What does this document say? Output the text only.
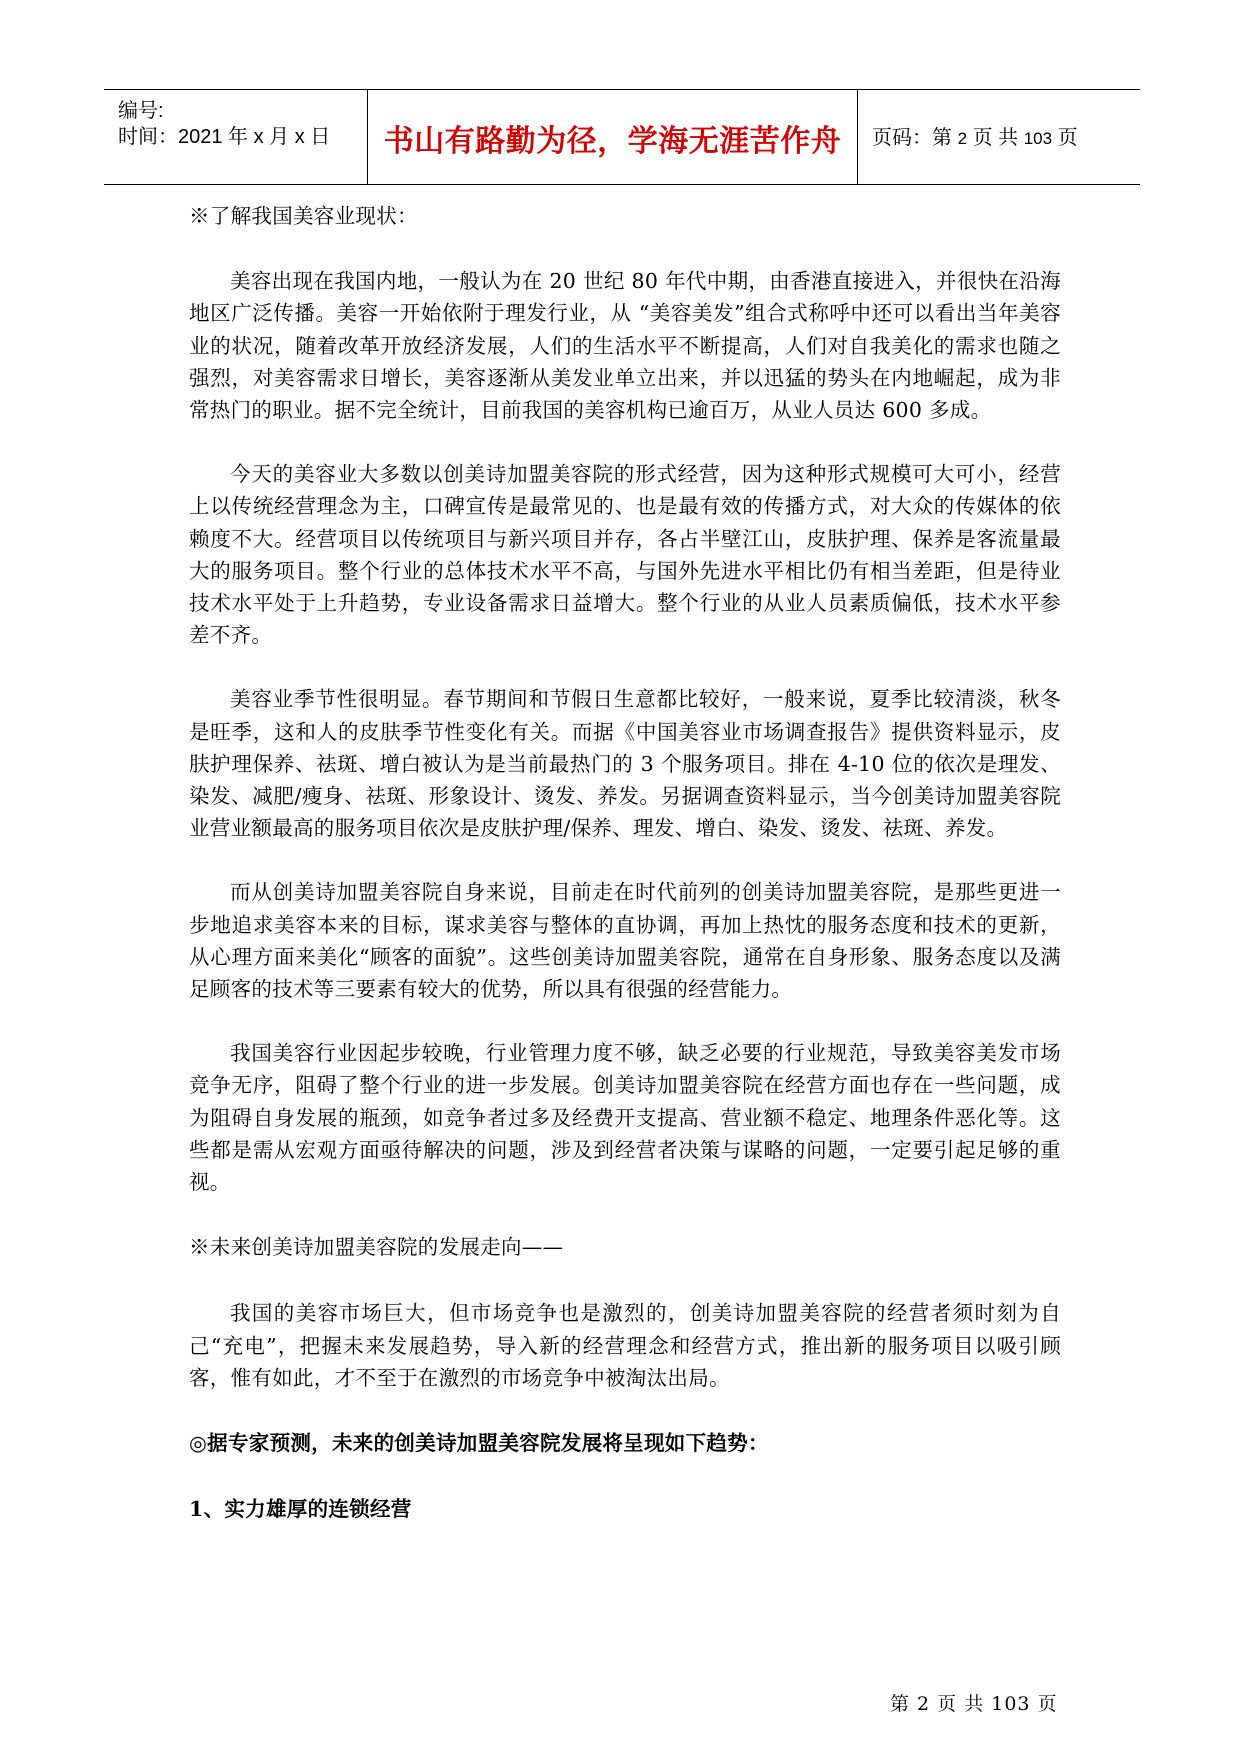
编号:
时间：2021 年 x 月 x 日	书山有路勤为径，学海无涯苦作舟	页码：第 2 页 共 103 页

※了解我国美容业现状：

美容出现在我国内地，一般认为在 20 世纪 80 年代中期，由香港直接进入，并很快在沿海地区广泛传播。美容一开始依附于理发行业，从 “美容美发”组合式称呼中还可以看出当年美容业的状况，随着改革开放经济发展，人们的生活水平不断提高，人们对自我美化的需求也随之强烈，对美容需求日增长，美容逐渐从美发业单立出来，并以迅猛的势头在内地崛起，成为非常热门的职业。据不完全统计，目前我国的美容机构已逾百万，从业人员达 600 多成。

今天的美容业大多数以创美诗加盟美容院的形式经营，因为这种形式规模可大可小，经营上以传统经营理念为主，口碑宣传是最常见的、也是最有效的传播方式，对大众的传媒体的依赖度不大。经营项目以传统项目与新兴项目并存，各占半壁江山，皮肤护理、保养是客流量最大的服务项目。整个行业的总体技术水平不高，与国外先进水平相比仍有相当差距，但是待业技术水平处于上升趋势，专业设备需求日益增大。整个行业的从业人员素质偏低，技术水平参差不齐。

美容业季节性很明显。春节期间和节假日生意都比较好，一般来说，夏季比较清淡，秋冬是旺季，这和人的皮肤季节性变化有关。而据《中国美容业市场调查报告》提供资料显示，皮肤护理保养、祛斑、增白被认为是当前最热门的 3 个服务项目。排在 4-10 位的依次是理发、染发、减肥/瘦身、祛斑、形象设计、烫发、养发。另据调查资料显示，当今创美诗加盟美容院业营业额最高的服务项目依次是皮肤护理/保养、理发、增白、染发、烫发、祛斑、养发。

而从创美诗加盟美容院自身来说，目前走在时代前列的创美诗加盟美容院，是那些更进一步地追求美容本来的目标，谋求美容与整体的直协调，再加上热忱的服务态度和技术的更新，从心理方面来美化“顾客的面貌”。这些创美诗加盟美容院，通常在自身形象、服务态度以及满足顾客的技术等三要素有较大的优势，所以具有很强的经营能力。

我国美容行业因起步较晚，行业管理力度不够，缺乏必要的行业规范，导致美容美发市场竞争无序，阻碍了整个行业的进一步发展。创美诗加盟美容院在经营方面也存在一些问题，成为阻碍自身发展的瓶颈，如竞争者过多及经费开支提高、营业额不稳定、地理条件恶化等。这些都是需从宏观方面亟待解决的问题，涉及到经营者决策与谋略的问题，一定要引起足够的重视。

※未来创美诗加盟美容院的发展走向——

我国的美容市场巨大，但市场竞争也是激烈的，创美诗加盟美容院的经营者须时刻为自己“充电”，把握未来发展趋势，导入新的经营理念和经营方式，推出新的服务项目以吸引顾客，惟有如此，才不至于在激烈的市场竞争中被淘汰出局。

◎据专家预测，未来的创美诗加盟美容院发展将呈现如下趋势：

1、实力雄厚的连锁经营

第 2 页 共 103 页
